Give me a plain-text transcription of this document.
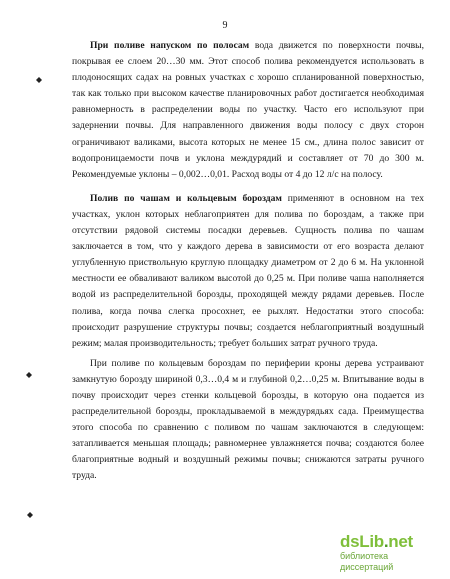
9

При поливе напуском по полосам вода движется по поверхности почвы, покрывая ее слоем 20…30 мм. Этот способ полива рекомендуется использовать в плодоносящих садах на ровных участках с хорошо спланированной поверхностью, так как только при высоком качестве планировочных работ достигается необходимая равномерность в распределении воды по участку. Часто его используют при задернении почвы. Для направленного движения воды полосу с двух сторон ограничивают валиками, высота которых не менее 15 см., длина полос зависит от водопроницаемости почв и уклона междурядий и составляет от 70 до 300 м. Рекомендуемые уклоны – 0,002…0,01. Расход воды от 4 до 12 л/с на полосу.

Полив по чашам и кольцевым бороздам применяют в основном на тех участках, уклон которых неблагоприятен для полива по бороздам, а также при отсутствии рядовой системы посадки деревьев. Сущность полива по чашам заключается в том, что у каждого дерева в зависимости от его возраста делают углубленную приствольную круглую площадку диаметром от 2 до 6 м. На уклонной местности ее обваливают валиком высотой до 0,25 м. При поливе чаша наполняется водой из распределительной борозды, проходящей между рядами деревьев. После полива, когда почва слегка просохнет, ее рыхлят. Недостатки этого способа: происходит разрушение структуры почвы; создается неблагоприятный воздушный режим; малая производительность; требует больших затрат ручного труда.

При поливе по кольцевым бороздам по периферии кроны дерева устраивают замкнутую борозду шириной 0,3…0,4 м и глубиной 0,2…0,25 м. Впитывание воды в почву происходит через стенки кольцевой борозды, в которую она подается из распределительной борозды, прокладываемой в междурядьях сада. Преимущества этого способа по сравнению с поливом по чашам заключаются в следующем: затапливается меньшая площадь; равномернее увлажняется почва; создаются более благоприятные водный и воздушный режимы почвы; снижаются затраты ручного труда.

dsLib.net
библиотека диссертаций
